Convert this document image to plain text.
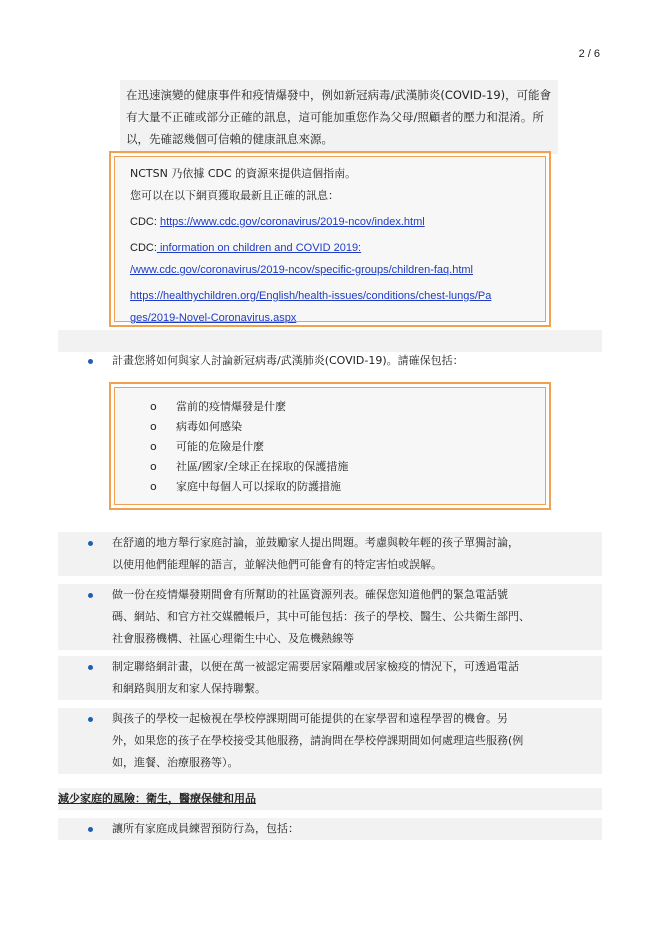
2 / 6
在迅速演變的健康事件和疫情爆發中，例如新冠病毒/武漢肺炎(COVID-19)，可能會有大量不正確或部分正確的訊息，這可能加重您作為父母/照顧者的壓力和混淆。所以，先確認幾個可信賴的健康訊息來源。
NCTSN 乃依據 CDC 的資源來提供這個指南。
您可以在以下網頁獲取最新且正確的訊息：
CDC: https://www.cdc.gov/coronavirus/2019-ncov/index.html
CDC: information on children and COVID 2019:
/www.cdc.gov/coronavirus/2019-ncov/specific-groups/children-faq.html
https://healthychildren.org/English/health-issues/conditions/chest-lungs/Pa
ges/2019-Novel-Coronavirus.aspx
計畫您將如何與家人討論新冠病毒/武漢肺炎(COVID-19)。請確保包括：
o 當前的疫情爆發是什麼
o 病毒如何感染
o 可能的危險是什麼
o 社區/國家/全球正在採取的保護措施
o 家庭中每個人可以採取的防護措施
在舒適的地方舉行家庭討論，並鼓勵家人提出問題。考慮與較年輕的孩子單獨討論，
以使用他們能理解的語言，並解決他們可能會有的特定害怕或誤解。
做一份在疫情爆發期間會有所幫助的社區資源列表。確保您知道他們的緊急電話號
碼、網站、和官方社交媒體帳戶，其中可能包括：孩子的學校、醫生、公共衛生部門、
社會服務機構、社區心理衛生中心、及危機熱線等
制定聯絡網計畫，以便在萬一被認定需要居家隔離或居家檢疫的情況下，可透過電話
和網路與朋友和家人保持聯繫。
與孩子的學校一起檢視在學校停課期間可能提供的在家學習和遠程學習的機會。另
外，如果您的孩子在學校接受其他服務，請詢問在學校停課期間如何處理這些服務(例
如，進餐、治療服務等）。
減少家庭的風險：衛生，醫療保健和用品
讓所有家庭成員練習預防行為，包括：
